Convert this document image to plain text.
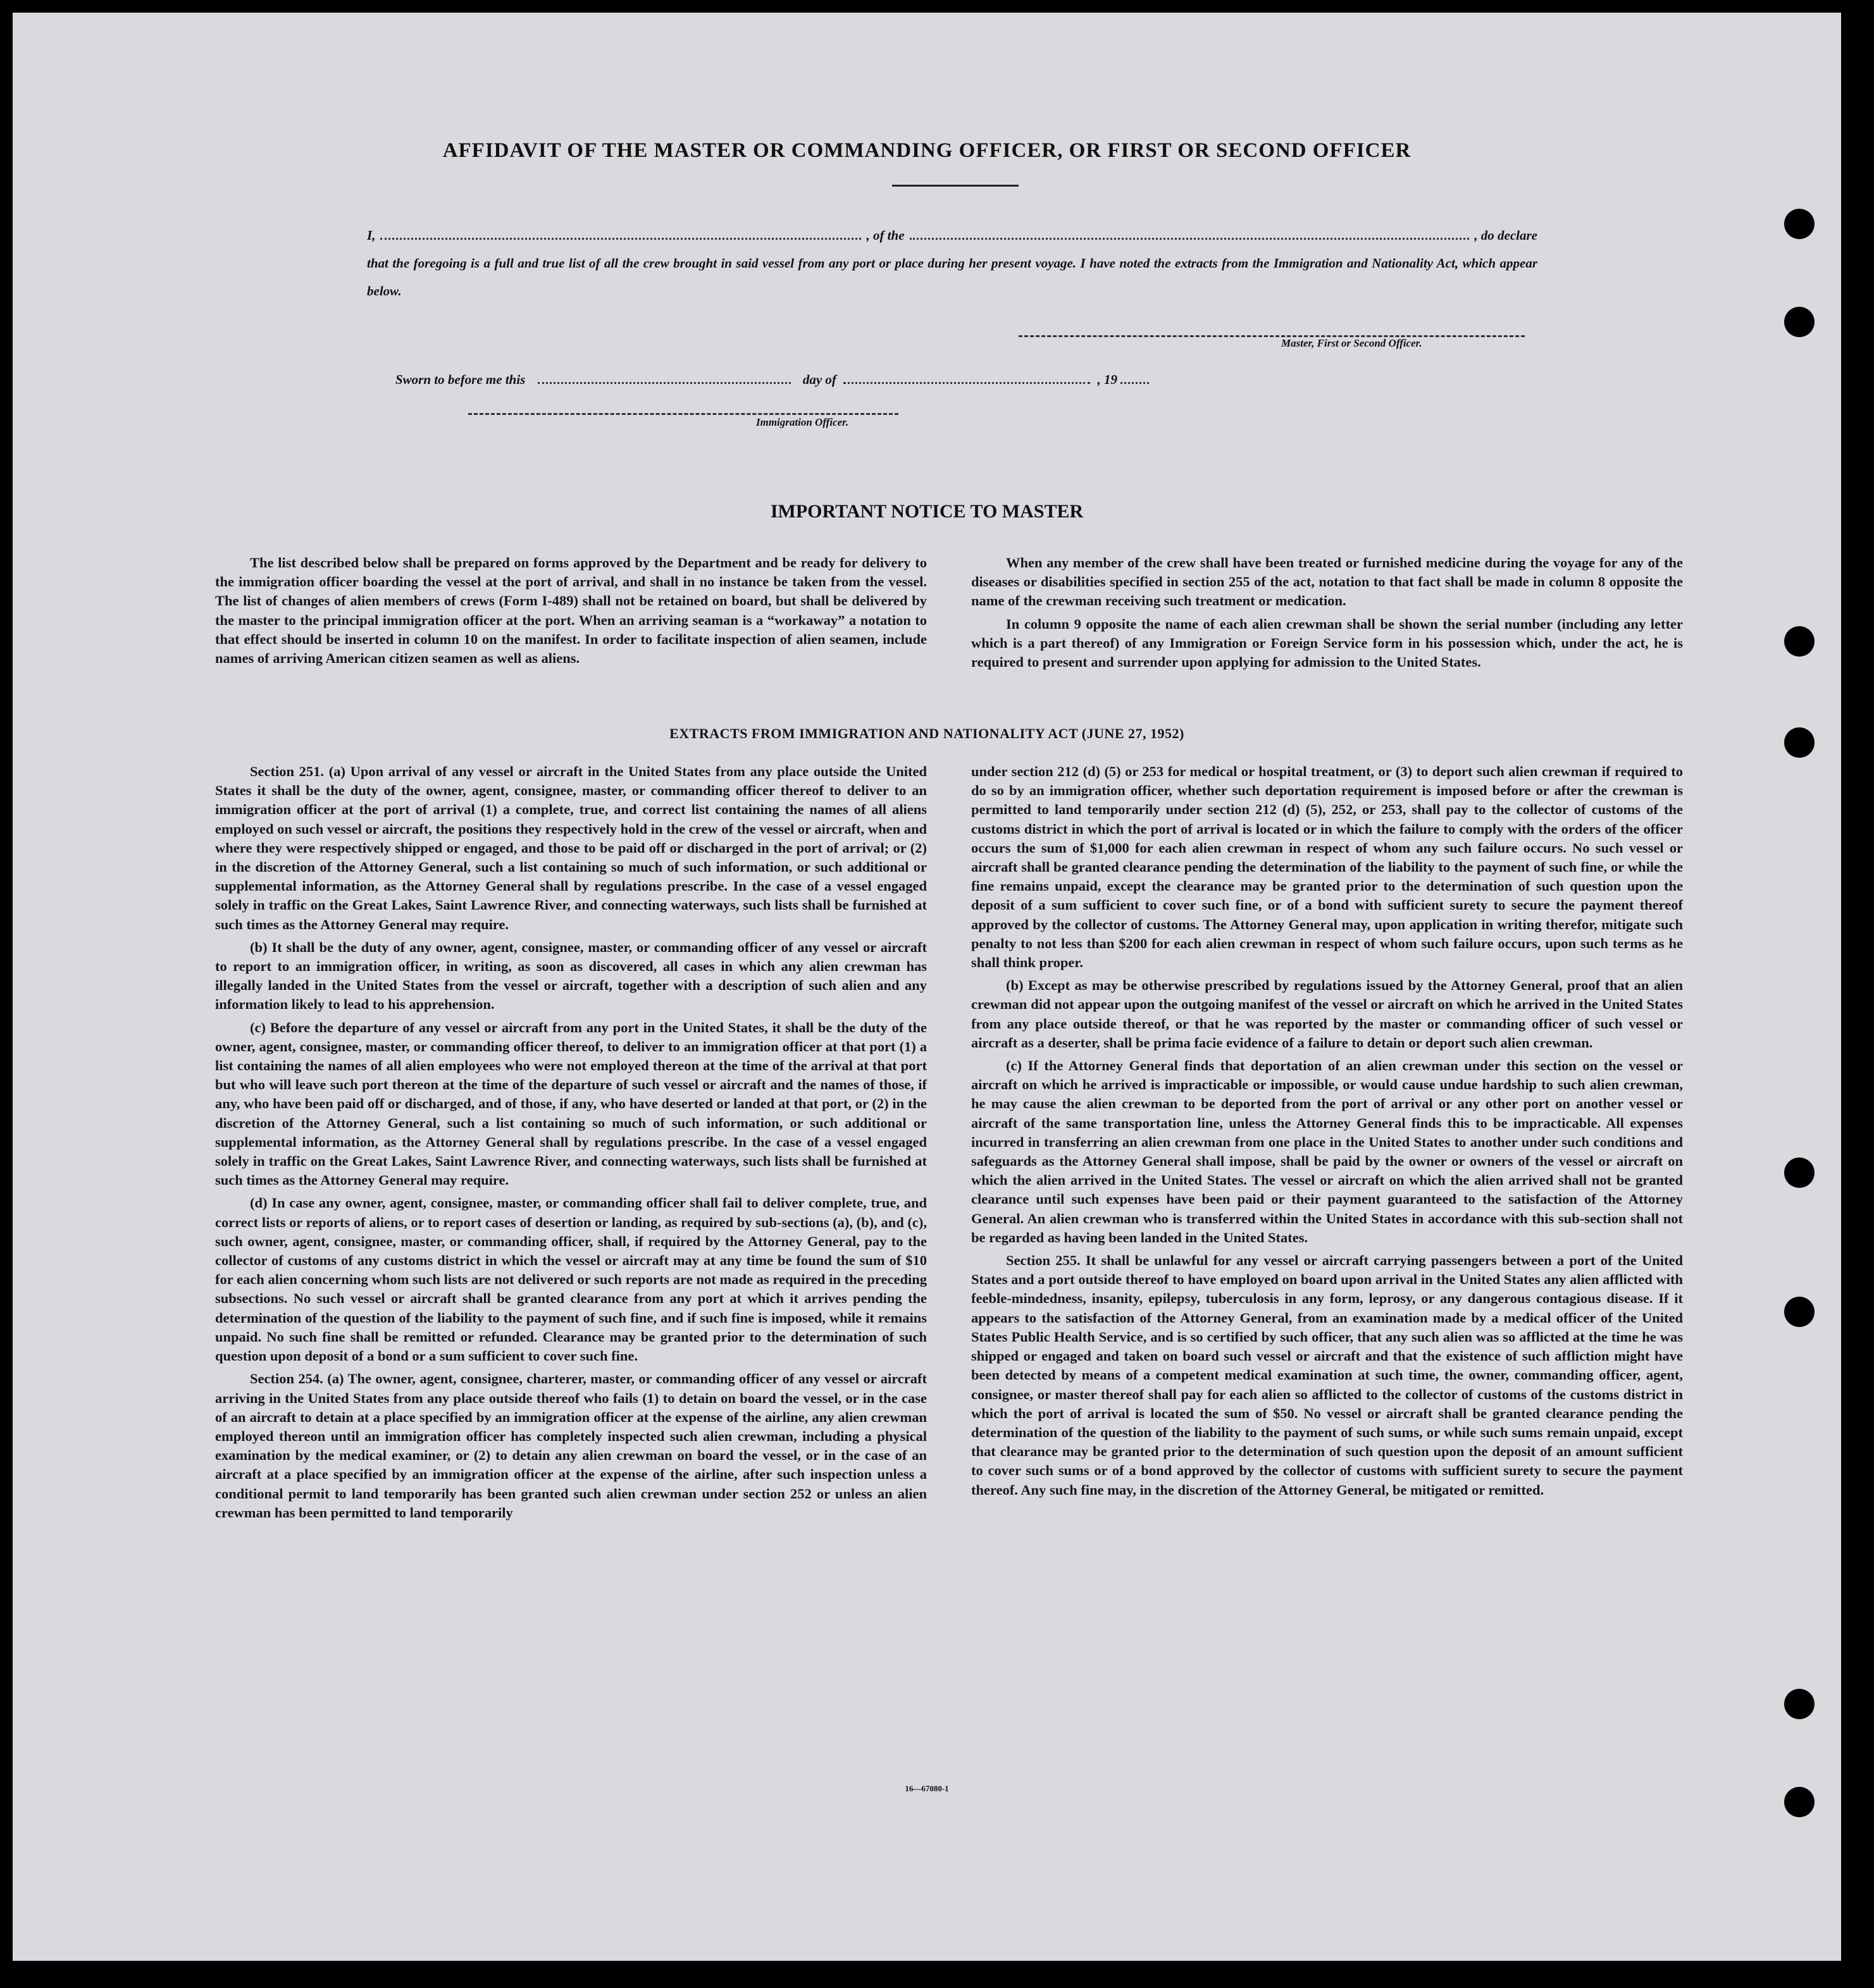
AFFIDAVIT OF THE MASTER OR COMMANDING OFFICER, OR FIRST OR SECOND OFFICER
I,	, of the	, do declare
that the foregoing is a full and true list of all the crew brought in said vessel from any port or place during her present voyage. I have noted the extracts from the Immigration and Nationality Act, which appear below.
Master, First or Second Officer.
Sworn to before me this	day of	, 19
Immigration Officer.
IMPORTANT NOTICE TO MASTER

The list described below shall be prepared on forms approved by the Department and be ready for delivery to the immigration officer boarding the vessel at the port of arrival, and shall in no instance be taken from the vessel. The list of changes of alien members of crews (Form I-489) shall not be retained on board, but shall be delivered by the master to the principal immigration officer at the port. When an arriving seaman is a “workaway” a notation to that effect should be inserted in column 10 on the manifest. In order to facilitate inspection of alien seamen, include names of arriving American citizen seamen as well as aliens.

When any member of the crew shall have been treated or furnished medicine during the voyage for any of the diseases or disabilities specified in section 255 of the act, notation to that fact shall be made in column 8 opposite the name of the crewman receiving such treatment or medication.

In column 9 opposite the name of each alien crewman shall be shown the serial number (including any letter which is a part thereof) of any Immigration or Foreign Service form in his possession which, under the act, he is required to present and surrender upon applying for admission to the United States.

EXTRACTS FROM IMMIGRATION AND NATIONALITY ACT (JUNE 27, 1952)

Section 251. (a) Upon arrival of any vessel or aircraft in the United States from any place outside the United States it shall be the duty of the owner, agent, consignee, master, or commanding officer thereof to deliver to an immigration officer at the port of arrival (1) a complete, true, and correct list containing the names of all aliens employed on such vessel or aircraft, the positions they respectively hold in the crew of the vessel or aircraft, when and where they were respectively shipped or engaged, and those to be paid off or discharged in the port of arrival; or (2) in the discretion of the Attorney General, such a list containing so much of such information, or such additional or supplemental information, as the Attorney General shall by regulations prescribe. In the case of a vessel engaged solely in traffic on the Great Lakes, Saint Lawrence River, and connecting waterways, such lists shall be furnished at such times as the Attorney General may require.

(b) It shall be the duty of any owner, agent, consignee, master, or commanding officer of any vessel or aircraft to report to an immigration officer, in writing, as soon as discovered, all cases in which any alien crewman has illegally landed in the United States from the vessel or aircraft, together with a description of such alien and any information likely to lead to his apprehension.

(c) Before the departure of any vessel or aircraft from any port in the United States, it shall be the duty of the owner, agent, consignee, master, or commanding officer thereof, to deliver to an immigration officer at that port (1) a list containing the names of all alien employees who were not employed thereon at the time of the arrival at that port but who will leave such port thereon at the time of the departure of such vessel or aircraft and the names of those, if any, who have been paid off or discharged, and of those, if any, who have deserted or landed at that port, or (2) in the discretion of the Attorney General, such a list containing so much of such information, or such additional or supplemental information, as the Attorney General shall by regulations prescribe. In the case of a vessel engaged solely in traffic on the Great Lakes, Saint Lawrence River, and connecting waterways, such lists shall be furnished at such times as the Attorney General may require.

(d) In case any owner, agent, consignee, master, or commanding officer shall fail to deliver complete, true, and correct lists or reports of aliens, or to report cases of desertion or landing, as required by sub-sections (a), (b), and (c), such owner, agent, consignee, master, or commanding officer, shall, if required by the Attorney General, pay to the collector of customs of any customs district in which the vessel or aircraft may at any time be found the sum of $10 for each alien concerning whom such lists are not delivered or such reports are not made as required in the preceding subsections. No such vessel or aircraft shall be granted clearance from any port at which it arrives pending the determination of the question of the liability to the payment of such fine, and if such fine is imposed, while it remains unpaid. No such fine shall be remitted or refunded. Clearance may be granted prior to the determination of such question upon deposit of a bond or a sum sufficient to cover such fine.

Section 254. (a) The owner, agent, consignee, charterer, master, or commanding officer of any vessel or aircraft arriving in the United States from any place outside thereof who fails (1) to detain on board the vessel, or in the case of an aircraft to detain at a place specified by an immigration officer at the expense of the airline, any alien crewman employed thereon until an immigration officer has completely inspected such alien crewman, including a physical examination by the medical examiner, or (2) to detain any alien crewman on board the vessel, or in the case of an aircraft at a place specified by an immigration officer at the expense of the airline, after such inspection unless a conditional permit to land temporarily has been granted such alien crewman under section 252 or unless an alien crewman has been permitted to land temporarily

under section 212 (d) (5) or 253 for medical or hospital treatment, or (3) to deport such alien crewman if required to do so by an immigration officer, whether such deportation requirement is imposed before or after the crewman is permitted to land temporarily under section 212 (d) (5), 252, or 253, shall pay to the collector of customs of the customs district in which the port of arrival is located or in which the failure to comply with the orders of the officer occurs the sum of $1,000 for each alien crewman in respect of whom any such failure occurs. No such vessel or aircraft shall be granted clearance pending the determination of the liability to the payment of such fine, or while the fine remains unpaid, except the clearance may be granted prior to the determination of such question upon the deposit of a sum sufficient to cover such fine, or of a bond with sufficient surety to secure the payment thereof approved by the collector of customs. The Attorney General may, upon application in writing therefor, mitigate such penalty to not less than $200 for each alien crewman in respect of whom such failure occurs, upon such terms as he shall think proper.

(b) Except as may be otherwise prescribed by regulations issued by the Attorney General, proof that an alien crewman did not appear upon the outgoing manifest of the vessel or aircraft on which he arrived in the United States from any place outside thereof, or that he was reported by the master or commanding officer of such vessel or aircraft as a deserter, shall be prima facie evidence of a failure to detain or deport such alien crewman.

(c) If the Attorney General finds that deportation of an alien crewman under this section on the vessel or aircraft on which he arrived is impracticable or impossible, or would cause undue hardship to such alien crewman, he may cause the alien crewman to be deported from the port of arrival or any other port on another vessel or aircraft of the same transportation line, unless the Attorney General finds this to be impracticable. All expenses incurred in transferring an alien crewman from one place in the United States to another under such conditions and safeguards as the Attorney General shall impose, shall be paid by the owner or owners of the vessel or aircraft on which the alien arrived in the United States. The vessel or aircraft on which the alien arrived shall not be granted clearance until such expenses have been paid or their payment guaranteed to the satisfaction of the Attorney General. An alien crewman who is transferred within the United States in accordance with this sub-section shall not be regarded as having been landed in the United States.

Section 255. It shall be unlawful for any vessel or aircraft carrying passengers between a port of the United States and a port outside thereof to have employed on board upon arrival in the United States any alien afflicted with feeble-mindedness, insanity, epilepsy, tuberculosis in any form, leprosy, or any dangerous contagious disease. If it appears to the satisfaction of the Attorney General, from an examination made by a medical officer of the United States Public Health Service, and is so certified by such officer, that any such alien was so afflicted at the time he was shipped or engaged and taken on board such vessel or aircraft and that the existence of such affliction might have been detected by means of a competent medical examination at such time, the owner, commanding officer, agent, consignee, or master thereof shall pay for each alien so afflicted to the collector of customs of the customs district in which the port of arrival is located the sum of $50. No vessel or aircraft shall be granted clearance pending the determination of the question of the liability to the payment of such sums, or while such sums remain unpaid, except that clearance may be granted prior to the determination of such question upon the deposit of an amount sufficient to cover such sums or of a bond approved by the collector of customs with sufficient surety to secure the payment thereof. Any such fine may, in the discretion of the Attorney General, be mitigated or remitted.

16—67080-1
